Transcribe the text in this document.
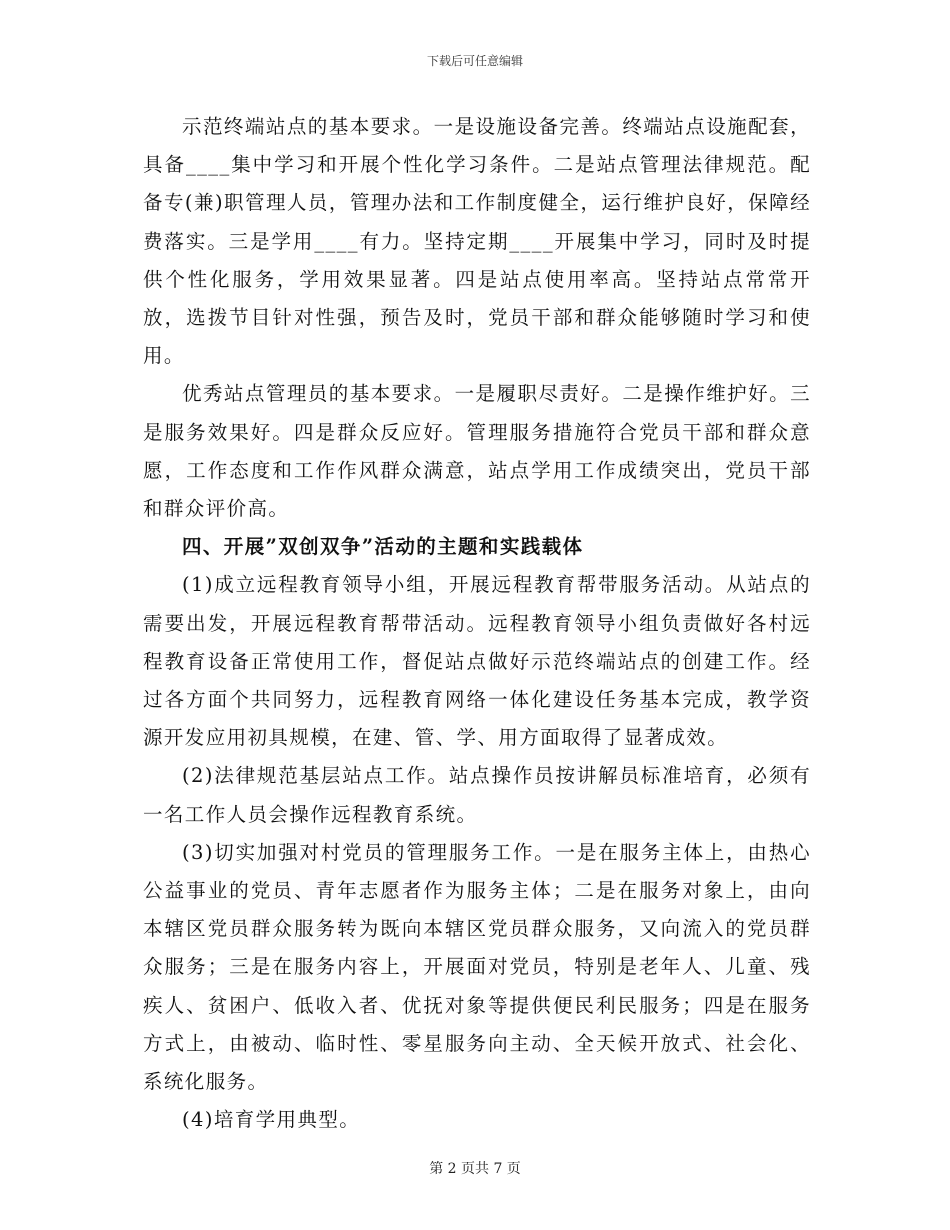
下载后可任意编辑

示范终端站点的基本要求。一是设施设备完善。终端站点设施配套，具备____集中学习和开展个性化学习条件。二是站点管理法律规范。配备专(兼)职管理人员，管理办法和工作制度健全，运行维护良好，保障经费落实。三是学用____有力。坚持定期____开展集中学习，同时及时提供个性化服务，学用效果显著。四是站点使用率高。坚持站点常常开放，选拨节目针对性强，预告及时，党员干部和群众能够随时学习和使用。

优秀站点管理员的基本要求。一是履职尽责好。二是操作维护好。三是服务效果好。四是群众反应好。管理服务措施符合党员干部和群众意愿，工作态度和工作作风群众满意，站点学用工作成绩突出，党员干部和群众评价高。

四、开展”双创双争”活动的主题和实践载体

(1)成立远程教育领导小组，开展远程教育帮带服务活动。从站点的需要出发，开展远程教育帮带活动。远程教育领导小组负责做好各村远程教育设备正常使用工作，督促站点做好示范终端站点的创建工作。经过各方面个共同努力，远程教育网络一体化建设任务基本完成，教学资源开发应用初具规模，在建、管、学、用方面取得了显著成效。

(2)法律规范基层站点工作。站点操作员按讲解员标准培育，必须有一名工作人员会操作远程教育系统。

(3)切实加强对村党员的管理服务工作。一是在服务主体上，由热心公益事业的党员、青年志愿者作为服务主体；二是在服务对象上，由向本辖区党员群众服务转为既向本辖区党员群众服务，又向流入的党员群众服务；三是在服务内容上，开展面对党员，特别是老年人、儿童、残疾人、贫困户、低收入者、优抚对象等提供便民利民服务；四是在服务方式上，由被动、临时性、零星服务向主动、全天候开放式、社会化、系统化服务。

(4)培育学用典型。

第 2 页共 7 页
